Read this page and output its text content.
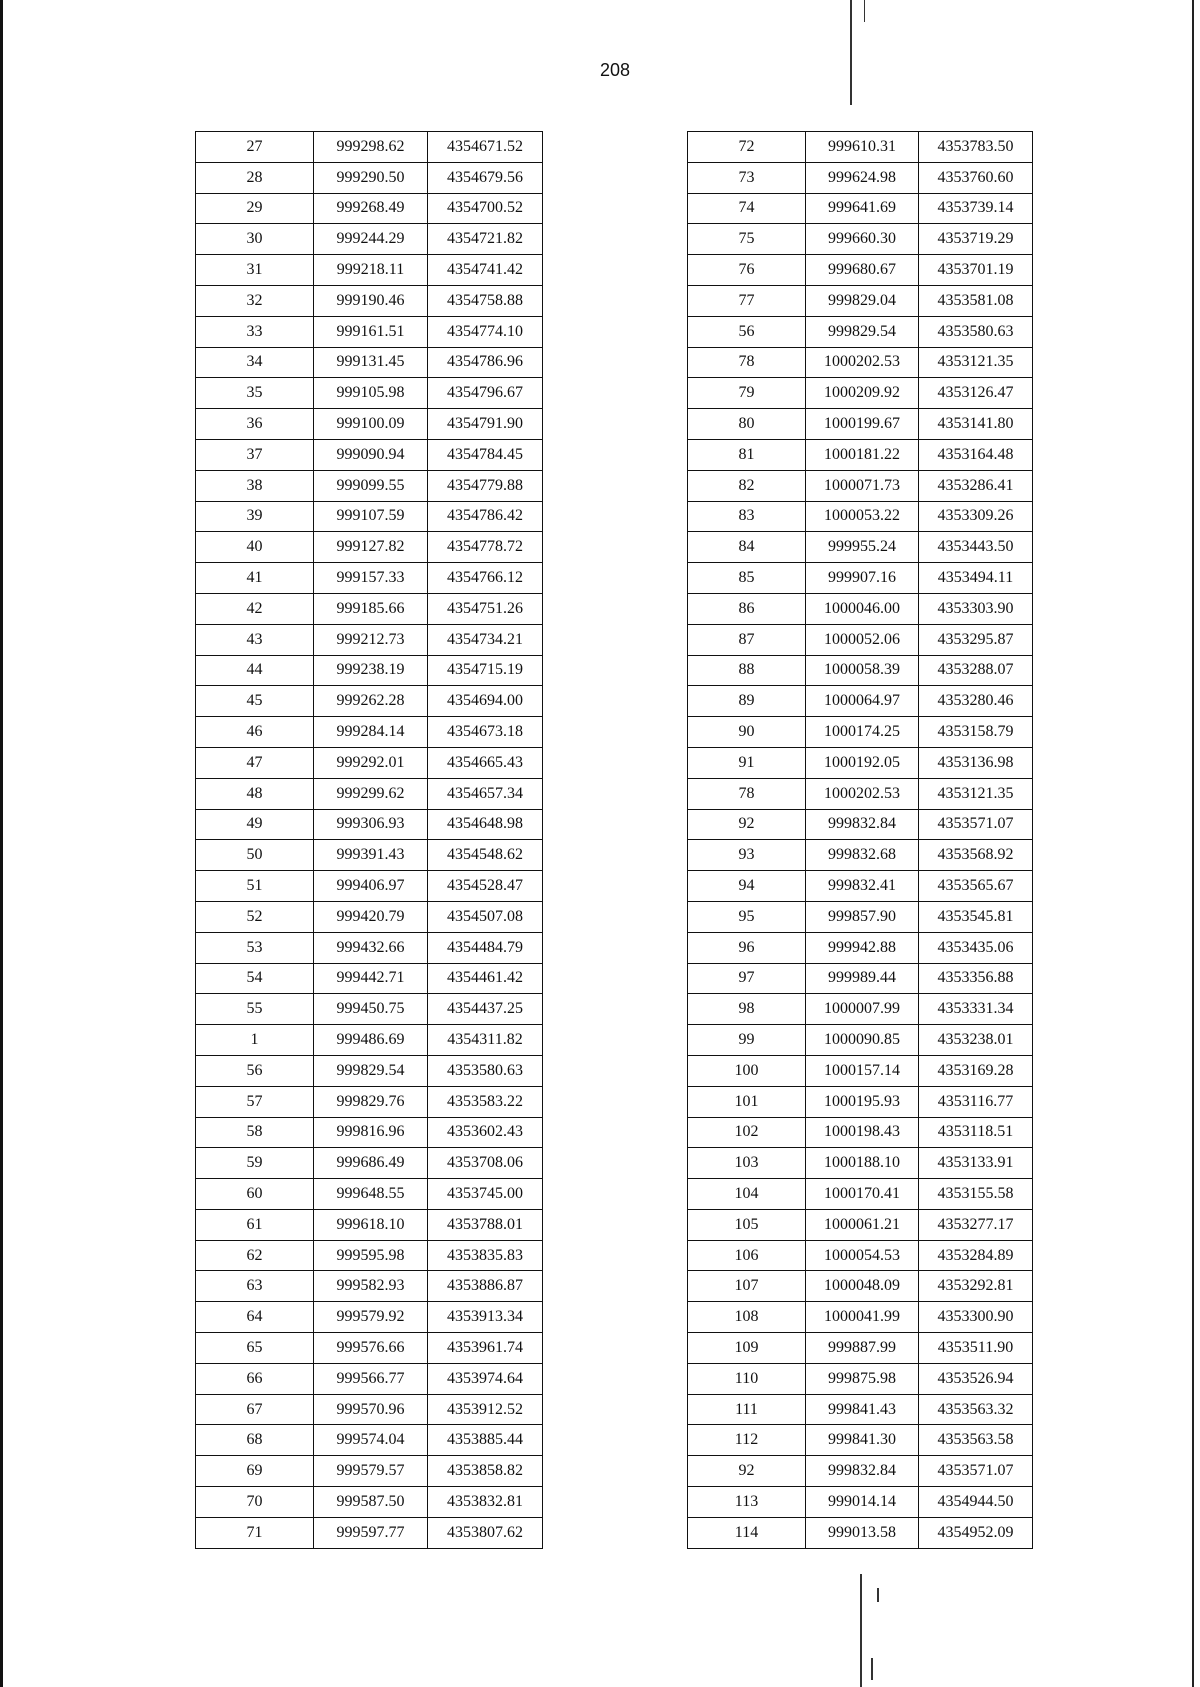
208
27	999298.62	4354671.52
28	999290.50	4354679.56
29	999268.49	4354700.52
30	999244.29	4354721.82
31	999218.11	4354741.42
32	999190.46	4354758.88
33	999161.51	4354774.10
34	999131.45	4354786.96
35	999105.98	4354796.67
36	999100.09	4354791.90
37	999090.94	4354784.45
38	999099.55	4354779.88
39	999107.59	4354786.42
40	999127.82	4354778.72
41	999157.33	4354766.12
42	999185.66	4354751.26
43	999212.73	4354734.21
44	999238.19	4354715.19
45	999262.28	4354694.00
46	999284.14	4354673.18
47	999292.01	4354665.43
48	999299.62	4354657.34
49	999306.93	4354648.98
50	999391.43	4354548.62
51	999406.97	4354528.47
52	999420.79	4354507.08
53	999432.66	4354484.79
54	999442.71	4354461.42
55	999450.75	4354437.25
1	999486.69	4354311.82
56	999829.54	4353580.63
57	999829.76	4353583.22
58	999816.96	4353602.43
59	999686.49	4353708.06
60	999648.55	4353745.00
61	999618.10	4353788.01
62	999595.98	4353835.83
63	999582.93	4353886.87
64	999579.92	4353913.34
65	999576.66	4353961.74
66	999566.77	4353974.64
67	999570.96	4353912.52
68	999574.04	4353885.44
69	999579.57	4353858.82
70	999587.50	4353832.81
71	999597.77	4353807.62
72	999610.31	4353783.50
73	999624.98	4353760.60
74	999641.69	4353739.14
75	999660.30	4353719.29
76	999680.67	4353701.19
77	999829.04	4353581.08
56	999829.54	4353580.63
78	1000202.53	4353121.35
79	1000209.92	4353126.47
80	1000199.67	4353141.80
81	1000181.22	4353164.48
82	1000071.73	4353286.41
83	1000053.22	4353309.26
84	999955.24	4353443.50
85	999907.16	4353494.11
86	1000046.00	4353303.90
87	1000052.06	4353295.87
88	1000058.39	4353288.07
89	1000064.97	4353280.46
90	1000174.25	4353158.79
91	1000192.05	4353136.98
78	1000202.53	4353121.35
92	999832.84	4353571.07
93	999832.68	4353568.92
94	999832.41	4353565.67
95	999857.90	4353545.81
96	999942.88	4353435.06
97	999989.44	4353356.88
98	1000007.99	4353331.34
99	1000090.85	4353238.01
100	1000157.14	4353169.28
101	1000195.93	4353116.77
102	1000198.43	4353118.51
103	1000188.10	4353133.91
104	1000170.41	4353155.58
105	1000061.21	4353277.17
106	1000054.53	4353284.89
107	1000048.09	4353292.81
108	1000041.99	4353300.90
109	999887.99	4353511.90
110	999875.98	4353526.94
111	999841.43	4353563.32
112	999841.30	4353563.58
92	999832.84	4353571.07
113	999014.14	4354944.50
114	999013.58	4354952.09
